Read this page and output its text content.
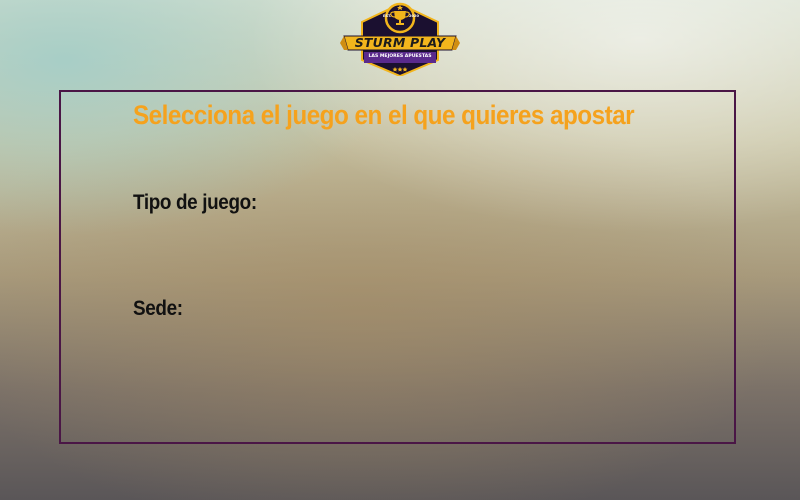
EST.	2020
STURM PLAY
LAS MEJORES APUESTAS
Selecciona el juego en el que quieres apostar
Tipo de juego:
Sede:
